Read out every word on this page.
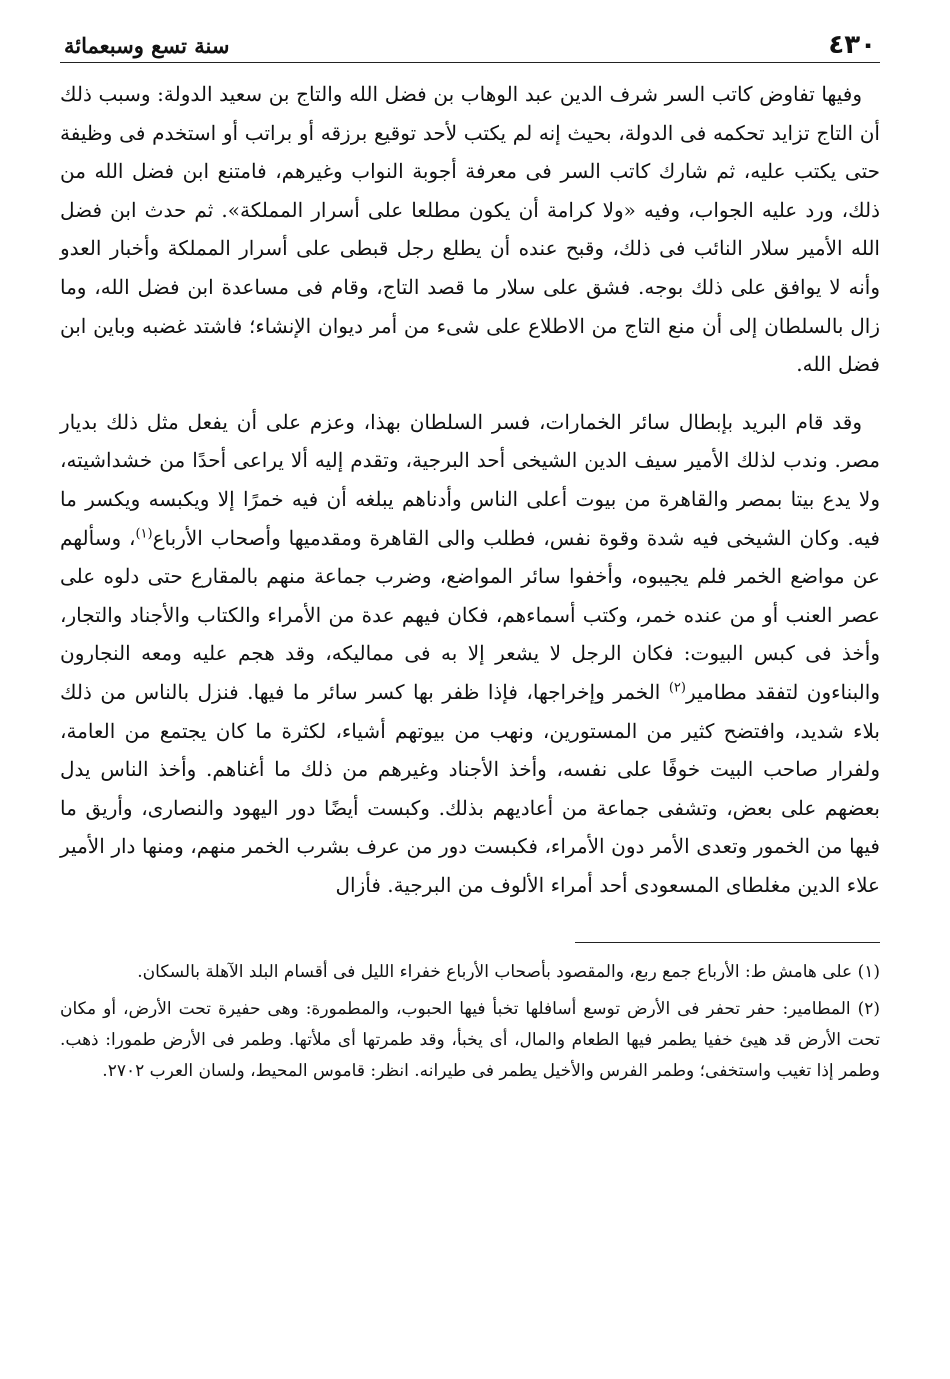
٤٣٠
سنة تسع وسبعمائة

وفيها تفاوض كاتب السر شرف الدين عبد الوهاب بن فضل الله والتاج بن سعيد الدولة: وسبب ذلك أن التاج تزايد تحكمه فى الدولة، بحيث إنه لم يكتب لأحد توقيع برزقه أو براتب أو استخدم فى وظيفة حتى يكتب عليه، ثم شارك كاتب السر فى معرفة أجوبة النواب وغيرهم، فامتنع ابن فضل الله من ذلك، ورد عليه الجواب، وفيه «ولا كرامة أن يكون مطلعا على أسرار المملكة». ثم حدث ابن فضل الله الأمير سلار النائب فى ذلك، وقبح عنده أن يطلع رجل قبطى على أسرار المملكة وأخبار العدو وأنه لا يوافق على ذلك بوجه. فشق على سلار ما قصد التاج، وقام فى مساعدة ابن فضل الله، وما زال بالسلطان إلى أن منع التاج من الاطلاع على شىء من أمر ديوان الإنشاء؛ فاشتد غضبه وباين ابن فضل الله.

وقد قام البريد بإبطال سائر الخمارات، فسر السلطان بهذا، وعزم على أن يفعل مثل ذلك بديار مصر. وندب لذلك الأمير سيف الدين الشيخى أحد البرجية، وتقدم إليه ألا يراعى أحدًا من خشداشيته، ولا يدع بيتا بمصر والقاهرة من بيوت أعلى الناس وأدناهم يبلغه أن فيه خمرًا إلا ويكبسه ويكسر ما فيه. وكان الشيخى فيه شدة وقوة نفس، فطلب والى القاهرة ومقدميها وأصحاب الأرباع$^{(١)}$، وسألهم عن مواضع الخمر فلم يجيبوه، وأخفوا سائر المواضع، وضرب جماعة منهم بالمقارع حتى دلوه على عصر العنب أو من عنده خمر، وكتب أسماءهم، فكان فيهم عدة من الأمراء والكتاب والأجناد والتجار، وأخذ فى كبس البيوت: فكان الرجل لا يشعر إلا به فى مماليكه، وقد هجم عليه ومعه النجارون والبناءون لتفقد مطامير$^{(٢)}$ الخمر وإخراجها، فإذا ظفر بها كسر سائر ما فيها. فنزل بالناس من ذلك بلاء شديد، وافتضح كثير من المستورين، ونهب من بيوتهم أشياء، لكثرة ما كان يجتمع من العامة، ولفرار صاحب البيت خوفًا على نفسه، وأخذ الأجناد وغيرهم من ذلك ما أغناهم. وأخذ الناس يدل بعضهم على بعض، وتشفى جماعة من أعاديهم بذلك. وكبست أيضًا دور اليهود والنصارى، وأريق ما فيها من الخمور وتعدى الأمر دون الأمراء، فكبست دور من عرف بشرب الخمر منهم، ومنها دار الأمير علاء الدين مغلطاى المسعودى أحد أمراء الألوف من البرجية. فأزال

(١) على هامش ط: الأرباع جمع ربع، والمقصود بأصحاب الأرباع خفراء الليل فى أقسام البلد الآهلة بالسكان.

(٢) المطامير: حفر تحفر فى الأرض توسع أسافلها تخبأ فيها الحبوب، والمطمورة: وهى حفيرة تحت الأرض، أو مكان تحت الأرض قد هيئ خفيا يطمر فيها الطعام والمال، أى يخبأ، وقد طمرتها أى ملأتها. وطمر فى الأرض طمورا: ذهب. وطمر إذا تغيب واستخفى؛ وطمر الفرس والأخيل يطمر فى طيرانه. انظر: قاموس المحيط، ولسان العرب ٢٧٠٢.
